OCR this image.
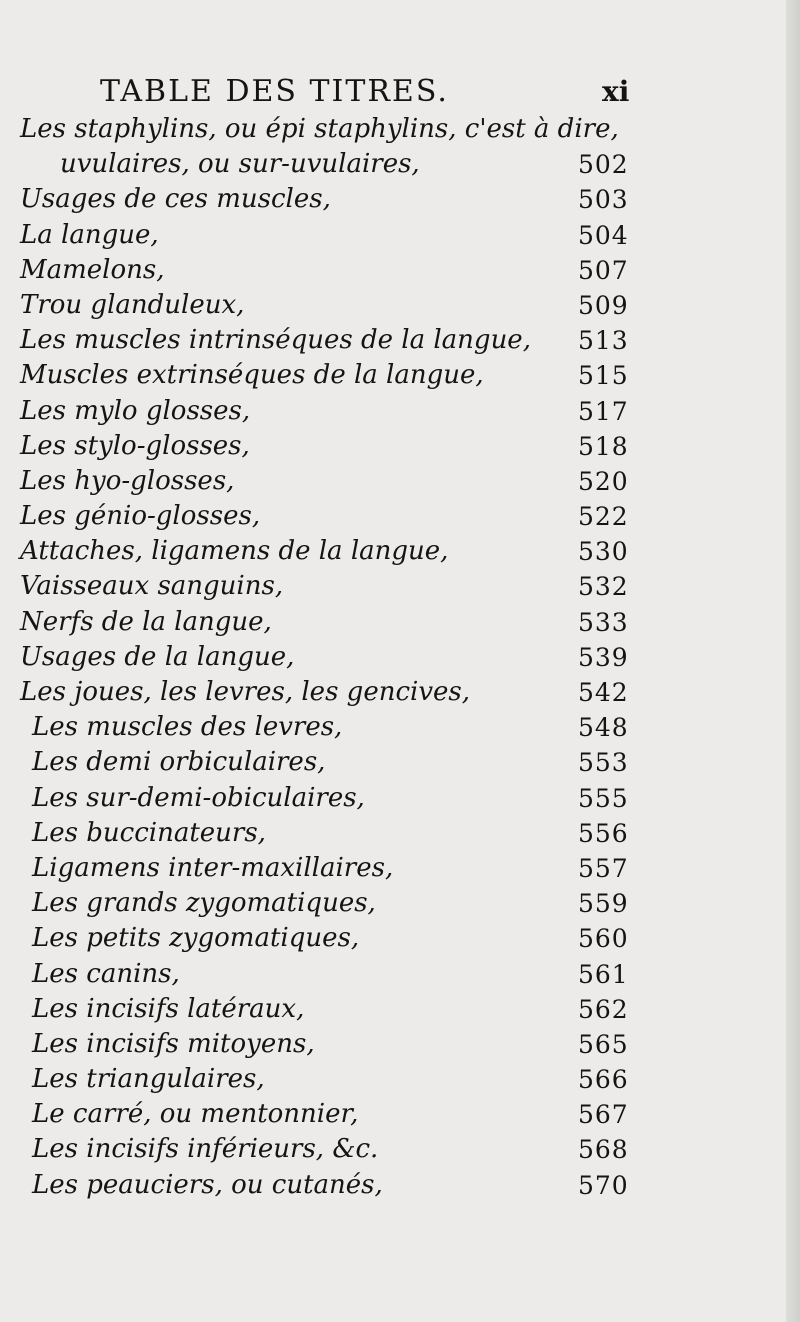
TABLE DES TITRES.	xi
Les staphylins, ou épi staphylins, c'est à dire,
uvulaires, ou sur-uvulaires,	502
Usages de ces muscles,	503
La langue,	504
Mamelons,	507
Trou glanduleux,	509
Les muscles intrinséques de la langue, 513
Muscles extrinséques de la langue,	515
Les mylo glosses,	517
Les stylo-glosses,	518
Les hyo-glosses,	520
Les génio-glosses,	522
Attaches, ligamens de la langue,	530
Vaisseaux sanguins,	532
Nerfs de la langue,	533
Usages de la langue,	539
Les joues, les levres, les gencives,	542
Les muscles des levres,	548
Les demi orbiculaires,	553
Les sur-demi-obiculaires,	555
Les buccinateurs,	556
Ligamens inter-maxillaires,	557
Les grands zygomatiques,	559
Les petits zygomatiques,	560
Les canins,	561
Les incisifs latéraux,	562
Les incisifs mitoyens,	565
Les triangulaires,	566
Le carré, ou mentonnier,	567
Les incisifs inférieurs, &c.	568
Les peauciers, ou cutanés,	570
